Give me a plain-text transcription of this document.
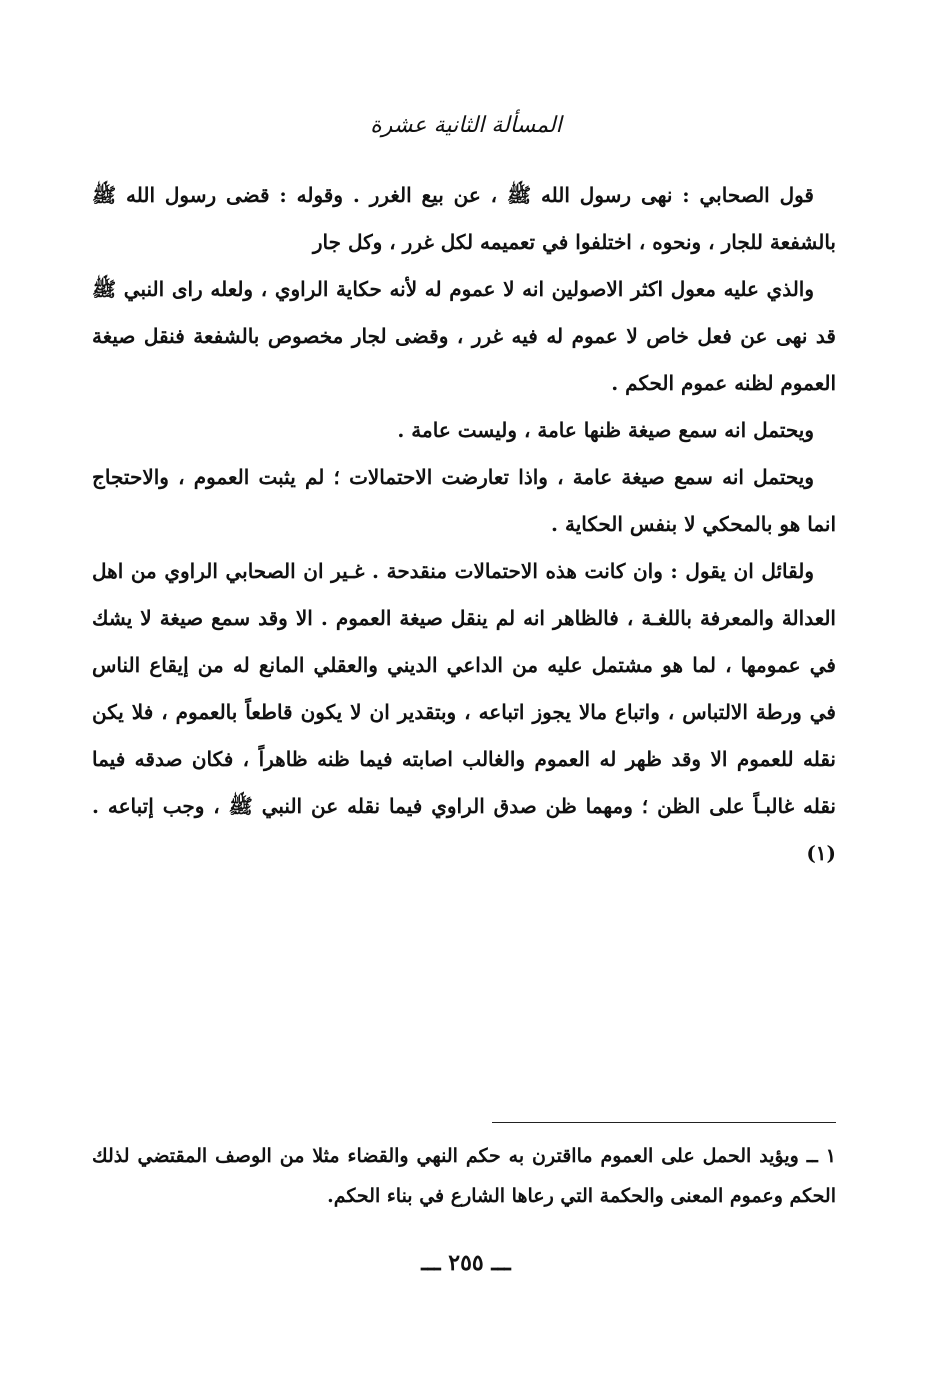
المسألة الثانية عشرة

قول الصحابي : نهى رسول الله ﷺ ، عن بيع الغرر . وقوله : قضى رسول الله ﷺ بالشفعة للجار ، ونحوه ، اختلفوا في تعميمه لكل غرر ، وكل جار

والذي عليه معول اكثر الاصولين انه لا عموم له لأنه حكاية الراوي ، ولعله راى النبي ﷺ قد نهى عن فعل خاص لا عموم له فيه غرر ، وقضى لجار مخصوص بالشفعة فنقل صيغة العموم لظنه عموم الحكم .

ويحتمل انه سمع صيغة ظنها عامة ، وليست عامة .

ويحتمل انه سمع صيغة عامة ، واذا تعارضت الاحتمالات ؛ لم يثبت العموم ، والاحتجاج انما هو بالمحكي لا بنفس الحكاية .

ولقائل ان يقول : وان كانت هذه الاحتمالات منقدحة . غـير ان الصحابي الراوي من اهل العدالة والمعرفة باللغـة ، فالظاهر انه لم ينقل صيغة العموم . الا وقد سمع صيغة لا يشك في عمومها ، لما هو مشتمل عليه من الداعي الديني والعقلي المانع له من إيقاع الناس في ورطة الالتباس ، واتباع مالا يجوز اتباعه ، وبتقدير ان لا يكون قاطعاً بالعموم ، فلا يكن نقله للعموم الا وقد ظهر له العموم والغالب اصابته فيما ظنه ظاهراً ، فكان صدقه فيما نقله غالبـاً على الظن ؛ ومهما ظن صدق الراوي فيما نقله عن النبي ﷺ ، وجب إتباعه . (١)

١ ــ ويؤيد الحمل على العموم مااقترن به حكم النهي والقضاء مثلا من الوصف المقتضي لذلك الحكم وعموم المعنى والحكمة التي رعاها الشارع في بناء الحكم.
ـــ ٢٥٥ ـــ
